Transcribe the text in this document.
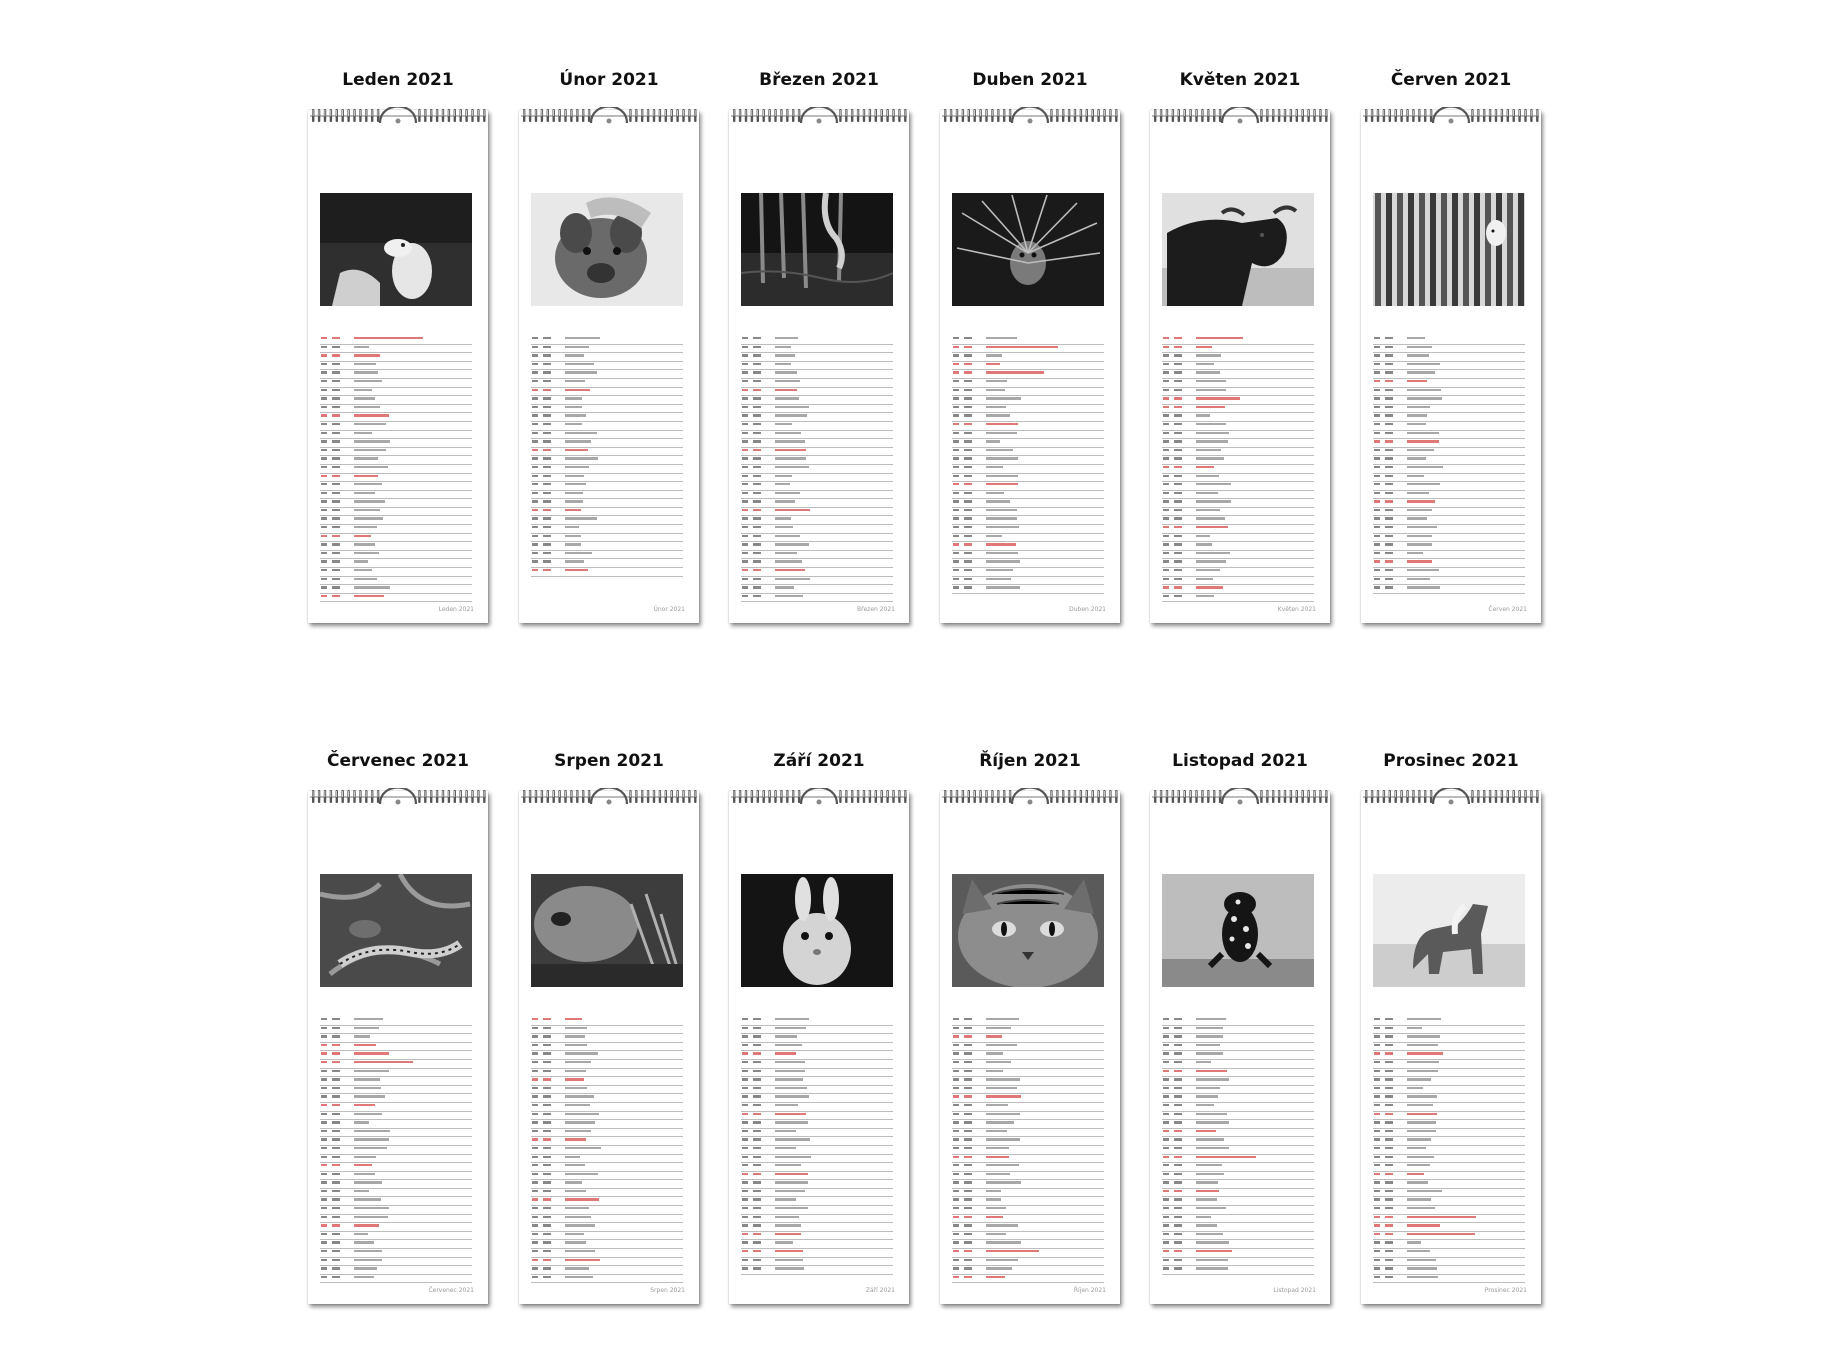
Leden 2021
Leden 2021
Únor 2021
Únor 2021
Březen 2021
Březen 2021
Duben 2021
Duben 2021
Květen 2021
Květen 2021
Červen 2021
Červen 2021
Červenec 2021
Červenec 2021
Srpen 2021
Srpen 2021
Září 2021
Září 2021
Říjen 2021
Říjen 2021
Listopad 2021
Listopad 2021
Prosinec 2021
Prosinec 2021
